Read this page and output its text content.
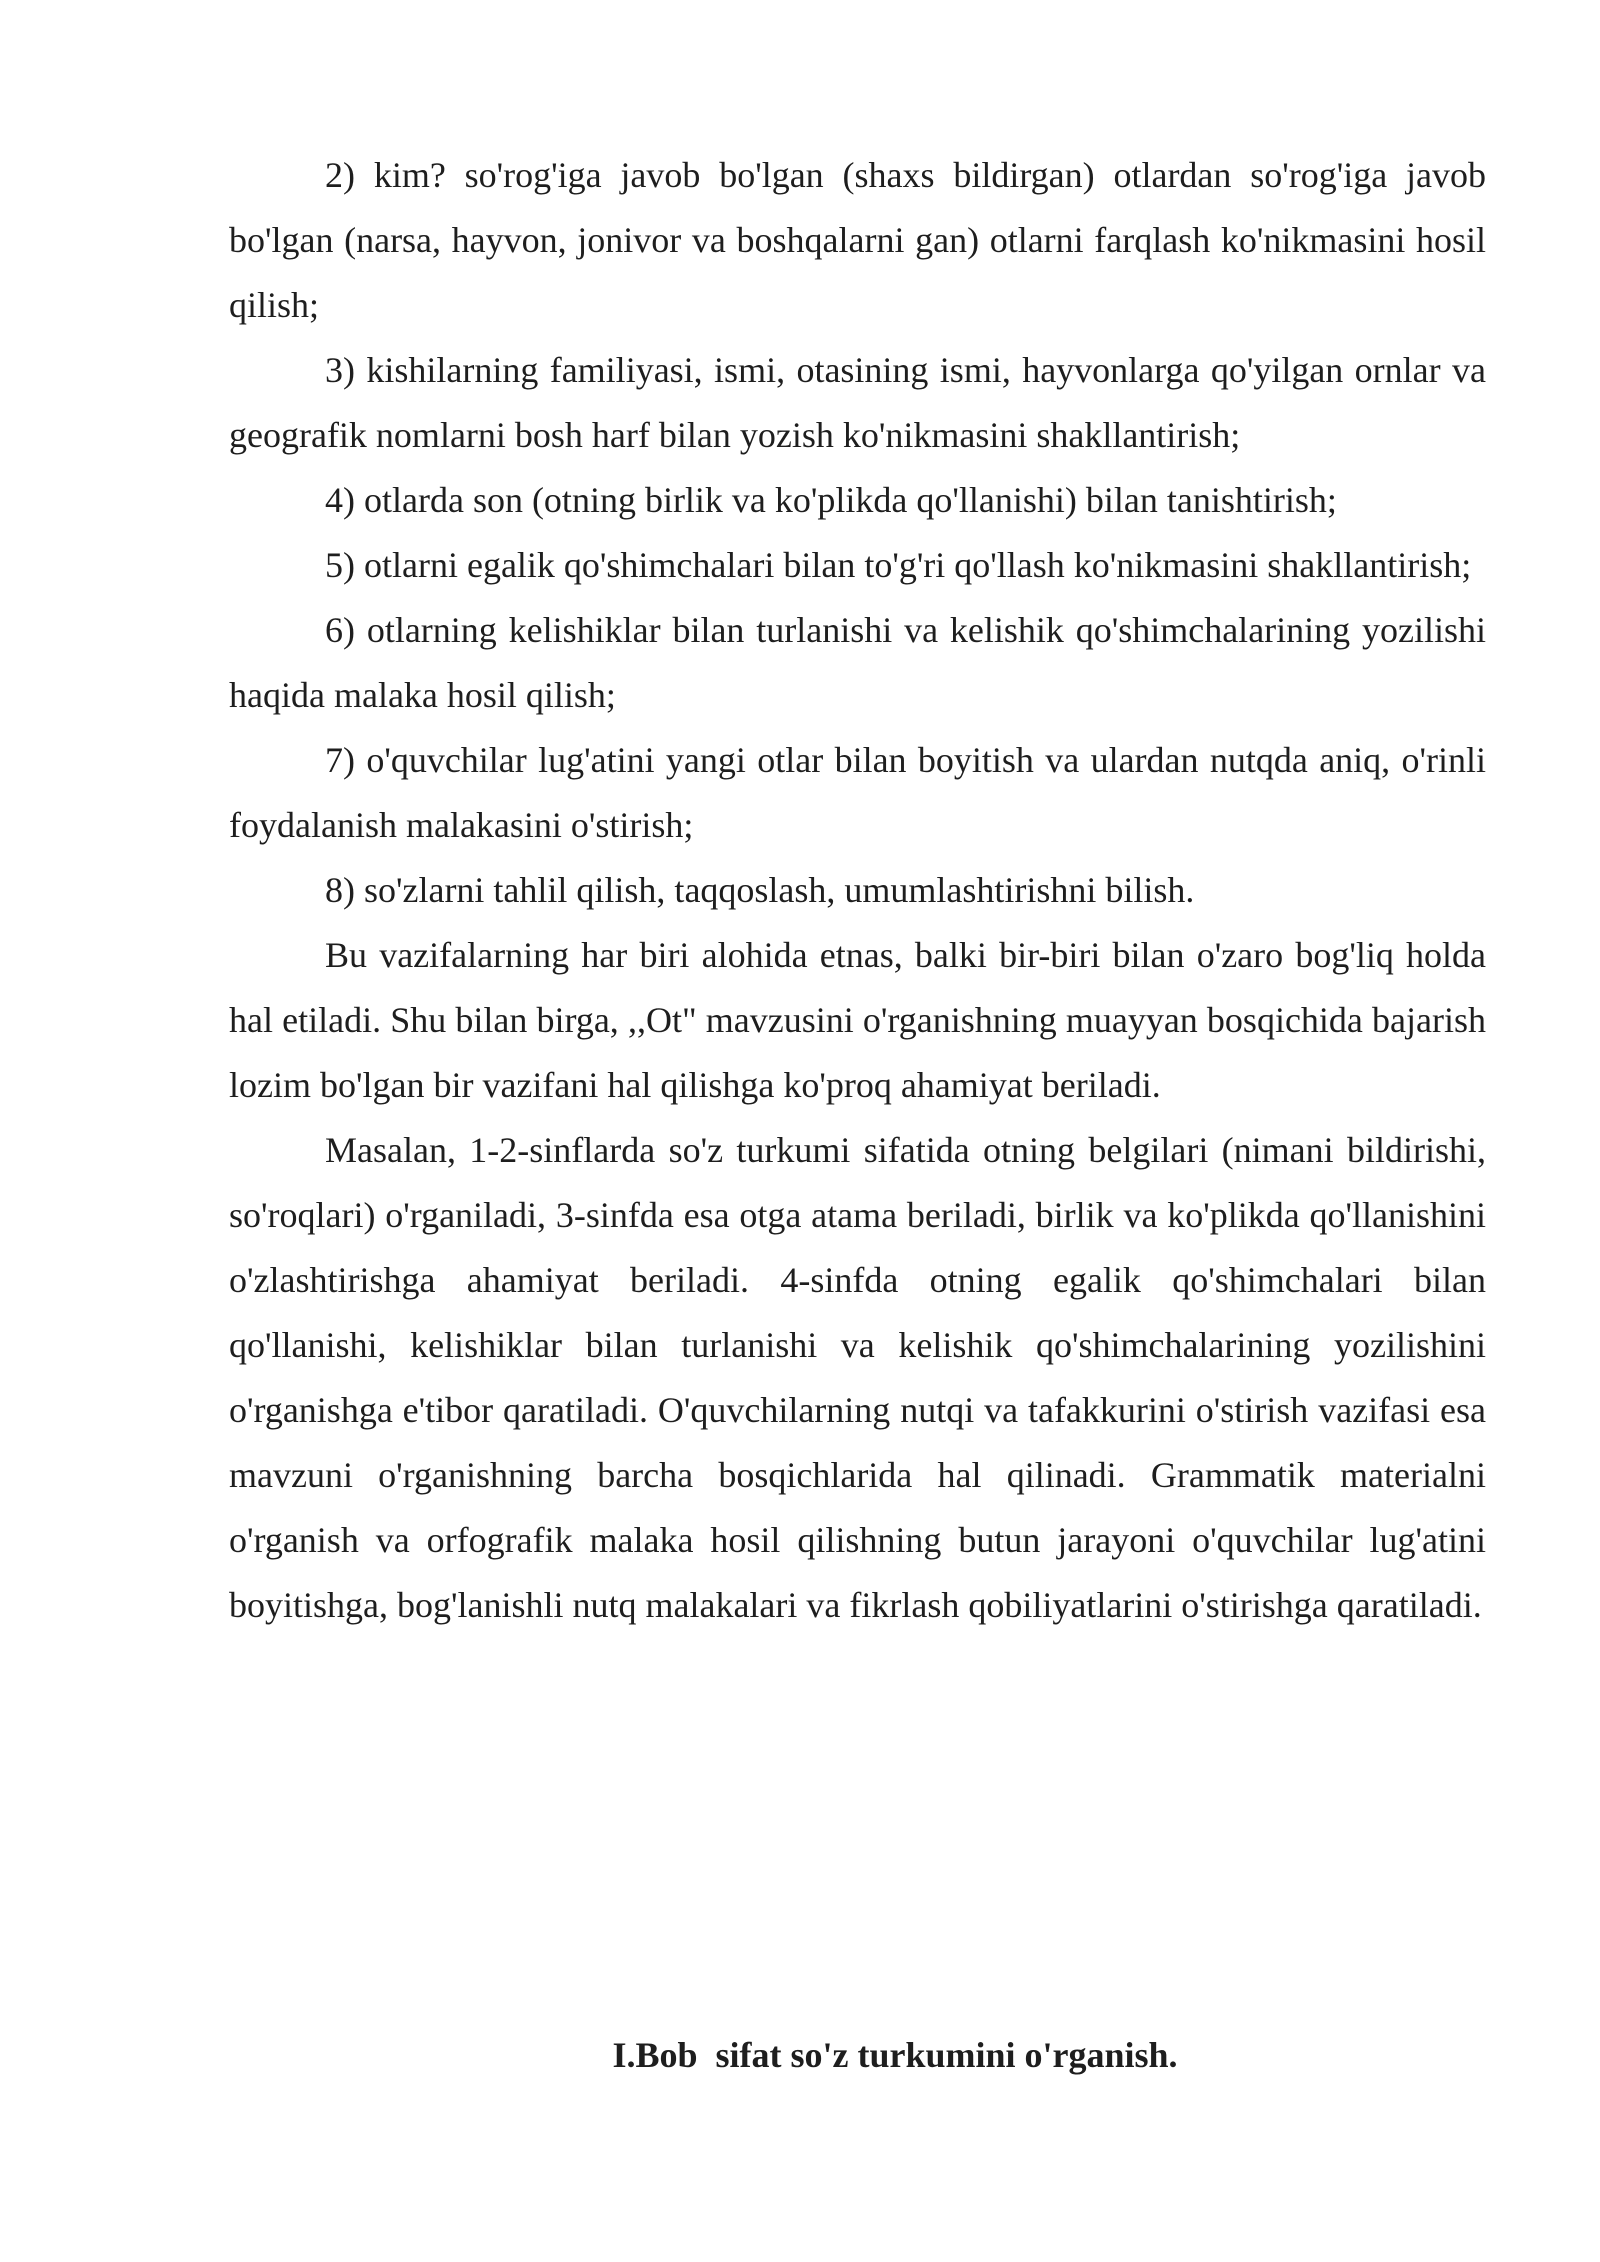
2) kim? so'rog'iga javob bo'lgan (shaxs bildirgan) otlardan so'rog'iga javob bo'lgan (narsa, hayvon, jonivor va boshqalarni gan) otlarni farqlash ko'nikmasini hosil qilish;

3) kishilarning familiyasi, ismi, otasining ismi, hayvonlarga qo'yilgan ornlar va geografik nomlarni bosh harf bilan yozish ko'nikmasini shakllantirish;

4) otlarda son (otning birlik va ko'plikda qo'llanishi) bilan tanishtirish;

5) otlarni egalik qo'shimchalari bilan to'g'ri qo'llash ko'nikmasini shakllantirish;

6) otlarning kelishiklar bilan turlanishi va kelishik qo'shimchalarining yozilishi haqida malaka hosil qilish;

7) o'quvchilar lug'atini yangi otlar bilan boyitish va ulardan nutqda aniq, o'rinli foydalanish malakasini o'stirish;

8) so'zlarni tahlil qilish, taqqoslash, umumlashtirishni bilish.

Bu vazifalarning har biri alohida etnas, balki bir-biri bilan o'zaro bog'liq holda hal etiladi. Shu bilan birga, ,,Ot" mavzusini o'rganishning muayyan bosqichida bajarish lozim bo'lgan bir vazifani hal qilishga ko'proq ahamiyat beriladi.

Masalan, 1-2-sinflarda so'z turkumi sifatida otning belgilari (nimani bildirishi, so'roqlari) o'rganiladi, 3-sinfda esa otga atama beriladi, birlik va ko'plikda qo'llanishini o'zlashtirishga ahamiyat beriladi. 4-sinfda otning egalik qo'shimchalari bilan qo'llanishi, kelishiklar bilan turlanishi va kelishik qo'shimchalarining yozilishini o'rganishga e'tibor qaratiladi. O'quvchilarning nutqi va tafakkurini o'stirish vazifasi esa mavzuni o'rganishning barcha bosqichlarida hal qilinadi. Grammatik materialni o'rganish va orfografik malaka hosil qilishning butun jarayoni o'quvchilar lug'atini boyitishga, bog'lanishli nutq malakalari va fikrlash qobiliyatlarini o'stirishga qaratiladi.

I.Bob  sifat so'z turkumini o'rganish.
